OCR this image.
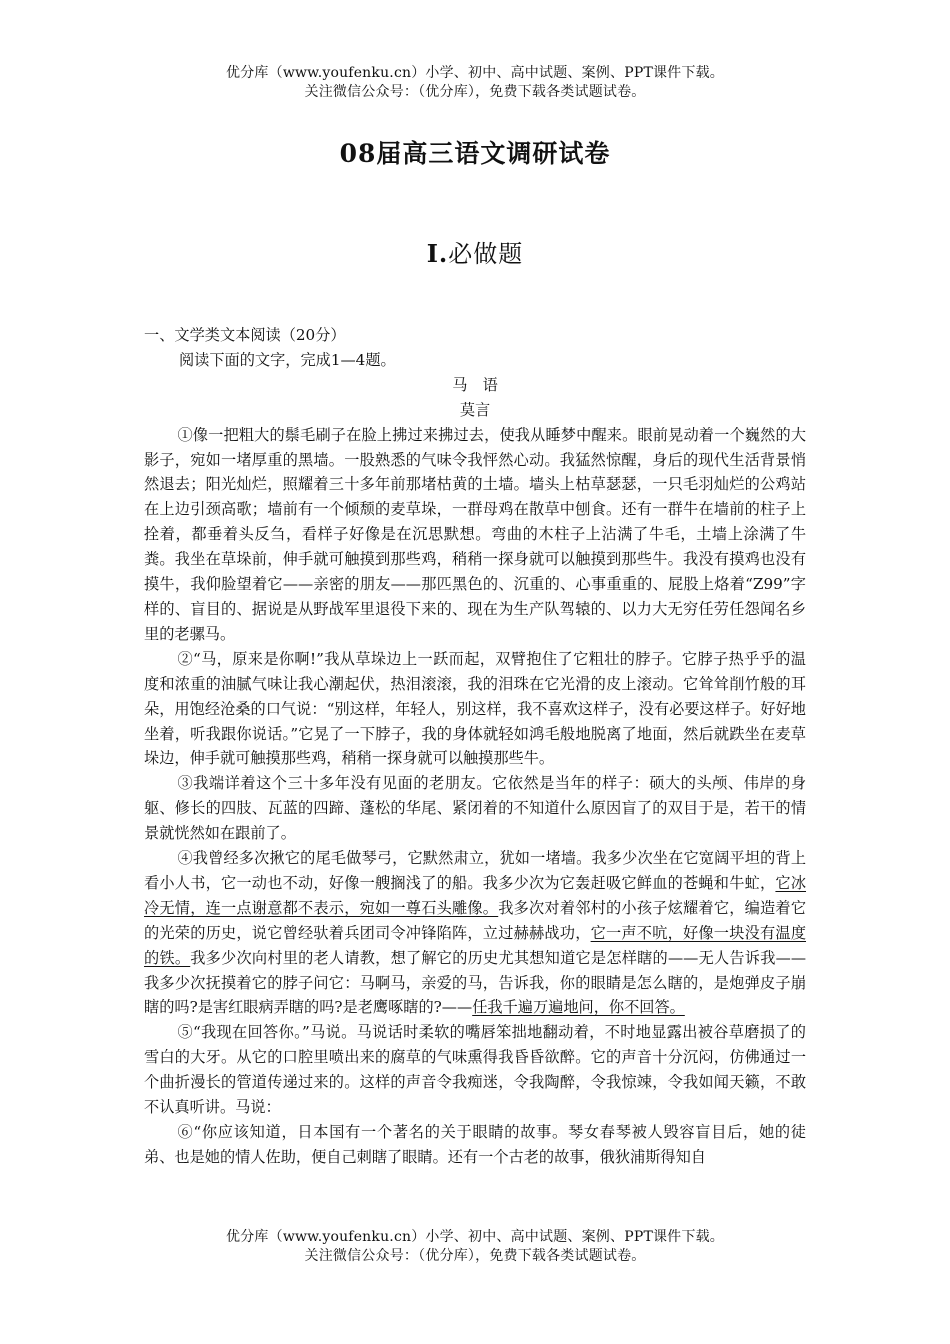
优分库（www.youfenku.cn）小学、初中、高中试题、案例、PPT课件下载。
关注微信公众号：（优分库），免费下载各类试题试卷。
08届高三语文调研试卷
I.必做题

一、文学类文本阅读（20分）

阅读下面的文字，完成1—4题。

马　语

莫言

①像一把粗大的鬃毛刷子在脸上拂过来拂过去，使我从睡梦中醒来。眼前晃动着一个巍然的大影子，宛如一堵厚重的黑墙。一股熟悉的气味令我怦然心动。我猛然惊醒，身后的现代生活背景悄然退去；阳光灿烂，照耀着三十多年前那堵枯黄的土墙。墙头上枯草瑟瑟，一只毛羽灿烂的公鸡站在上边引颈高歌；墙前有一个倾颓的麦草垛，一群母鸡在散草中刨食。还有一群牛在墙前的柱子上拴着，都垂着头反刍，看样子好像是在沉思默想。弯曲的木柱子上沾满了牛毛，土墙上涂满了牛粪。我坐在草垛前，伸手就可触摸到那些鸡，稍稍一探身就可以触摸到那些牛。我没有摸鸡也没有摸牛，我仰脸望着它——亲密的朋友——那匹黑色的、沉重的、心事重重的、屁股上烙着“Z99”字样的、盲目的、据说是从野战军里退役下来的、现在为生产队驾辕的、以力大无穷任劳任怨闻名乡里的老骡马。

②“马，原来是你啊!”我从草垛边上一跃而起，双臂抱住了它粗壮的脖子。它脖子热乎乎的温度和浓重的油腻气味让我心潮起伏，热泪滚滚，我的泪珠在它光滑的皮上滚动。它耸耸削竹般的耳朵，用饱经沧桑的口气说：“别这样，年轻人，别这样，我不喜欢这样子，没有必要这样子。好好地坐着，听我跟你说话。”它晃了一下脖子，我的身体就轻如鸿毛般地脱离了地面，然后就跌坐在麦草垛边，伸手就可触摸那些鸡，稍稍一探身就可以触摸那些牛。

③我端详着这个三十多年没有见面的老朋友。它依然是当年的样子：硕大的头颅、伟岸的身躯、修长的四肢、瓦蓝的四蹄、蓬松的华尾、紧闭着的不知道什么原因盲了的双目于是，若干的情景就恍然如在跟前了。

④我曾经多次揪它的尾毛做琴弓，它默然肃立，犹如一堵墙。我多少次坐在它宽阔平坦的背上看小人书，它一动也不动，好像一艘搁浅了的船。我多少次为它轰赶吸它鲜血的苍蝇和牛虻，它冰冷无情，连一点谢意都不表示，宛如一尊石头雕像。我多次对着邻村的小孩子炫耀着它，编造着它的光荣的历史，说它曾经驮着兵团司令冲锋陷阵，立过赫赫战功，它一声不吭，好像一块没有温度的铁。我多少次向村里的老人请教，想了解它的历史尤其想知道它是怎样瞎的——无人告诉我——我多少次抚摸着它的脖子问它：马啊马，亲爱的马，告诉我，你的眼睛是怎么瞎的，是炮弹皮子崩瞎的吗?是害红眼病弄瞎的吗?是老鹰啄瞎的?——任我千遍万遍地问，你不回答。

⑤“我现在回答你。”马说。马说话时柔软的嘴唇笨拙地翻动着，不时地显露出被谷草磨损了的雪白的大牙。从它的口腔里喷出来的腐草的气味熏得我昏昏欲醉。它的声音十分沉闷，仿佛通过一个曲折漫长的管道传递过来的。这样的声音令我痴迷，令我陶醉，令我惊竦，令我如闻天籁，不敢不认真听讲。马说：

⑥“你应该知道，日本国有一个著名的关于眼睛的故事。琴女春琴被人毁容盲目后，她的徒弟、也是她的情人佐助，便自己刺瞎了眼睛。还有一个古老的故事，俄狄浦斯得知自

优分库（www.youfenku.cn）小学、初中、高中试题、案例、PPT课件下载。
关注微信公众号：（优分库），免费下载各类试题试卷。
